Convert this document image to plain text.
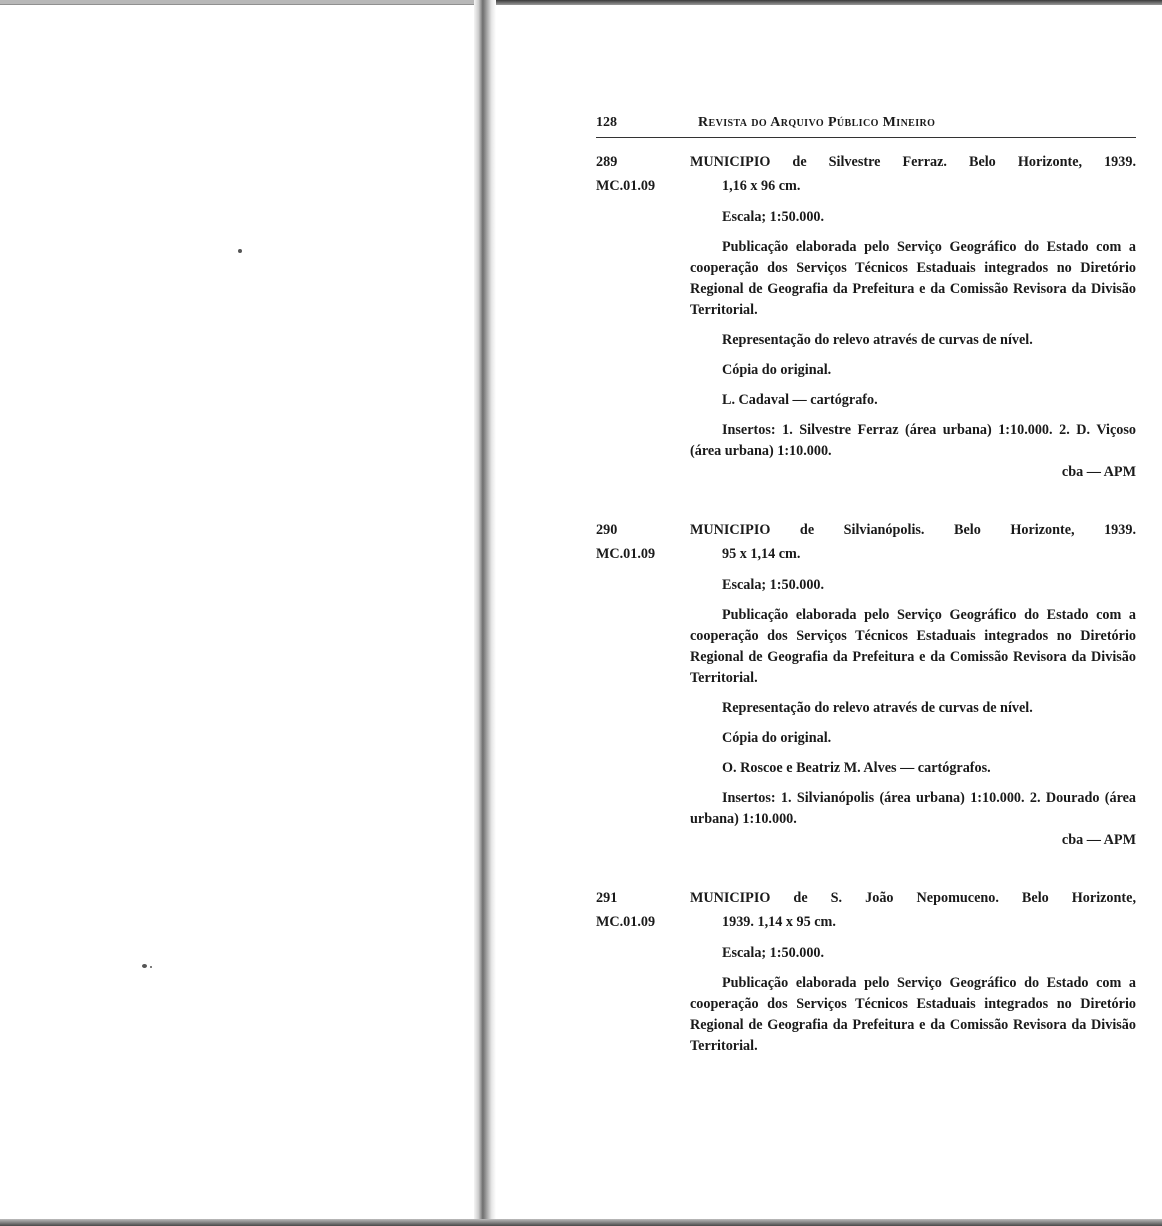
128	Revista do Arquivo Público Mineiro
289
MC.01.09
MUNICIPIO de Silvestre Ferraz. Belo Horizonte, 1939.
1,16 x 96 cm.
Escala; 1:50.000.
Publicação elaborada pelo Serviço Geográfico do Estado com a cooperação dos Serviços Técnicos Estaduais integrados no Diretório Regional de Geografia da Prefeitura e da Comissão Revisora da Divisão Territorial.
Representação do relevo através de curvas de nível.
Cópia do original.
L. Cadaval — cartógrafo.
Insertos: 1. Silvestre Ferraz (área urbana) 1:10.000. 2. D. Viçoso (área urbana) 1:10.000.
cba — APM
290
MC.01.09
MUNICIPIO de Silvianópolis. Belo Horizonte, 1939.
95 x 1,14 cm.
Escala; 1:50.000.
Publicação elaborada pelo Serviço Geográfico do Estado com a cooperação dos Serviços Técnicos Estaduais integrados no Diretório Regional de Geografia da Prefeitura e da Comissão Revisora da Divisão Territorial.
Representação do relevo através de curvas de nível.
Cópia do original.
O. Roscoe e Beatriz M. Alves — cartógrafos.
Insertos: 1. Silvianópolis (área urbana) 1:10.000. 2. Dourado (área urbana) 1:10.000.
cba — APM
291
MC.01.09
MUNICIPIO de S. João Nepomuceno. Belo Horizonte,
1939. 1,14 x 95 cm.
Escala; 1:50.000.
Publicação elaborada pelo Serviço Geográfico do Estado com a cooperação dos Serviços Técnicos Estaduais integrados no Diretório Regional de Geografia da Prefeitura e da Comissão Revisora da Divisão Territorial.
